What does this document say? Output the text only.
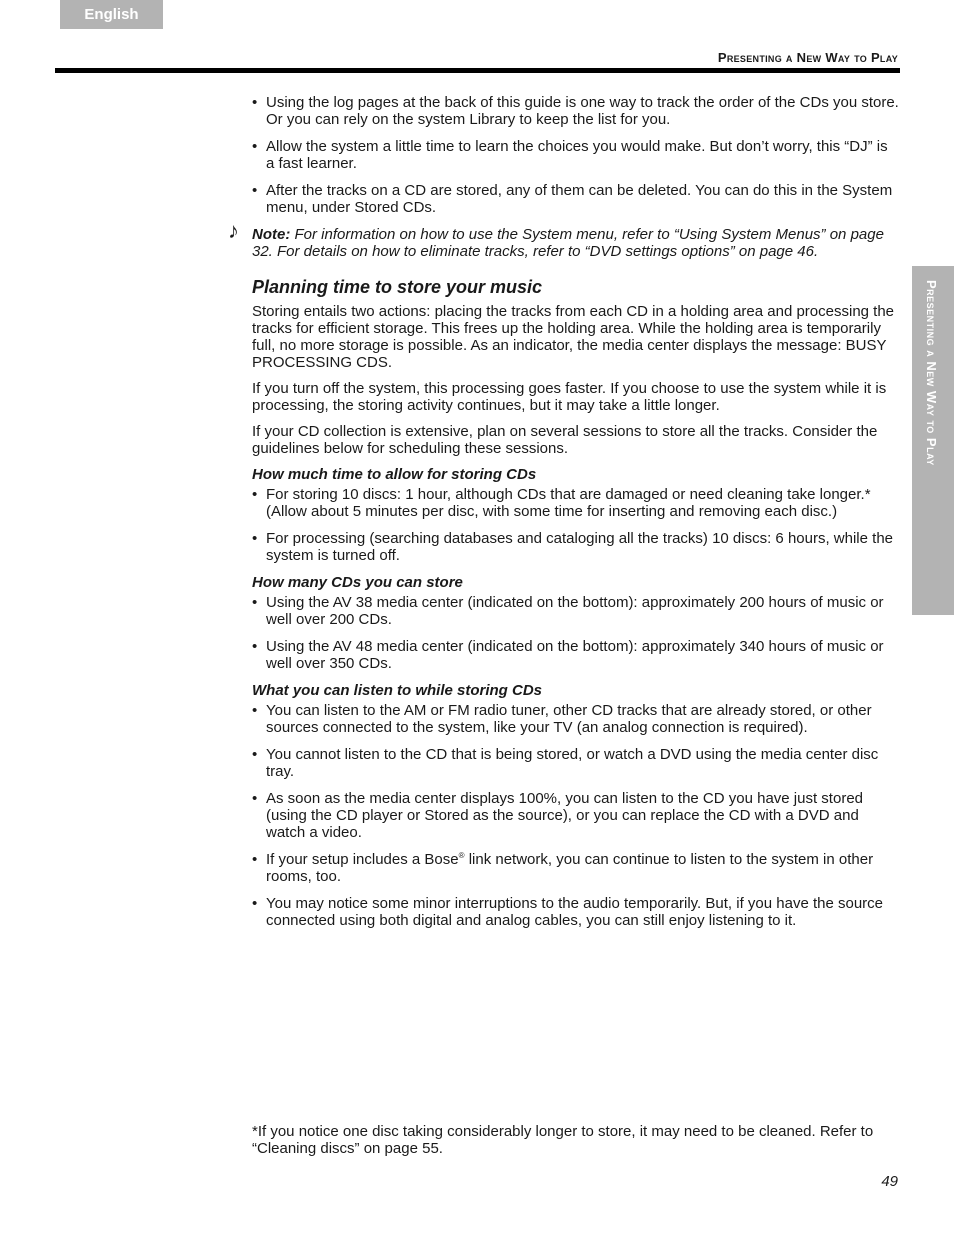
English
Presenting a New Way to Play
Presenting a New Way to Play
• Using the log pages at the back of this guide is one way to track the order of the CDs you store. Or you can rely on the system Library to keep the list for you.
• Allow the system a little time to learn the choices you would make. But don’t worry, this “DJ” is a fast learner.
• After the tracks on a CD are stored, any of them can be deleted. You can do this in the System menu, under Stored CDs.
♪ Note: For information on how to use the System menu, refer to “Using System Menus” on page 32. For details on how to eliminate tracks, refer to “DVD settings options” on page 46.
Planning time to store your music

Storing entails two actions: placing the tracks from each CD in a holding area and processing the tracks for efficient storage. This frees up the holding area. While the holding area is temporarily full, no more storage is possible. As an indicator, the media center displays the message: BUSY PROCESSING CDS.

If you turn off the system, this processing goes faster. If you choose to use the system while it is processing, the storing activity continues, but it may take a little longer.

If your CD collection is extensive, plan on several sessions to store all the tracks. Consider the guidelines below for scheduling these sessions.

How much time to allow for storing CDs
• For storing 10 discs: 1 hour, although CDs that are damaged or need cleaning take longer.* (Allow about 5 minutes per disc, with some time for inserting and removing each disc.)
• For processing (searching databases and cataloging all the tracks) 10 discs: 6 hours, while the system is turned off.
How many CDs you can store
• Using the AV 38 media center (indicated on the bottom): approximately 200 hours of music or well over 200 CDs.
• Using the AV 48 media center (indicated on the bottom): approximately 340 hours of music or well over 350 CDs.
What you can listen to while storing CDs
• You can listen to the AM or FM radio tuner, other CD tracks that are already stored, or other sources connected to the system, like your TV (an analog connection is required).
• You cannot listen to the CD that is being stored, or watch a DVD using the media center disc tray.
• As soon as the media center displays 100%, you can listen to the CD you have just stored (using the CD player or Stored as the source), or you can replace the CD with a DVD and watch a video.
• If your setup includes a Bose® link network, you can continue to listen to the system in other rooms, too.
• You may notice some minor interruptions to the audio temporarily. But, if you have the source connected using both digital and analog cables, you can still enjoy listening to it.
*If you notice one disc taking considerably longer to store, it may need to be cleaned. Refer to “Cleaning discs” on page 55.
49
